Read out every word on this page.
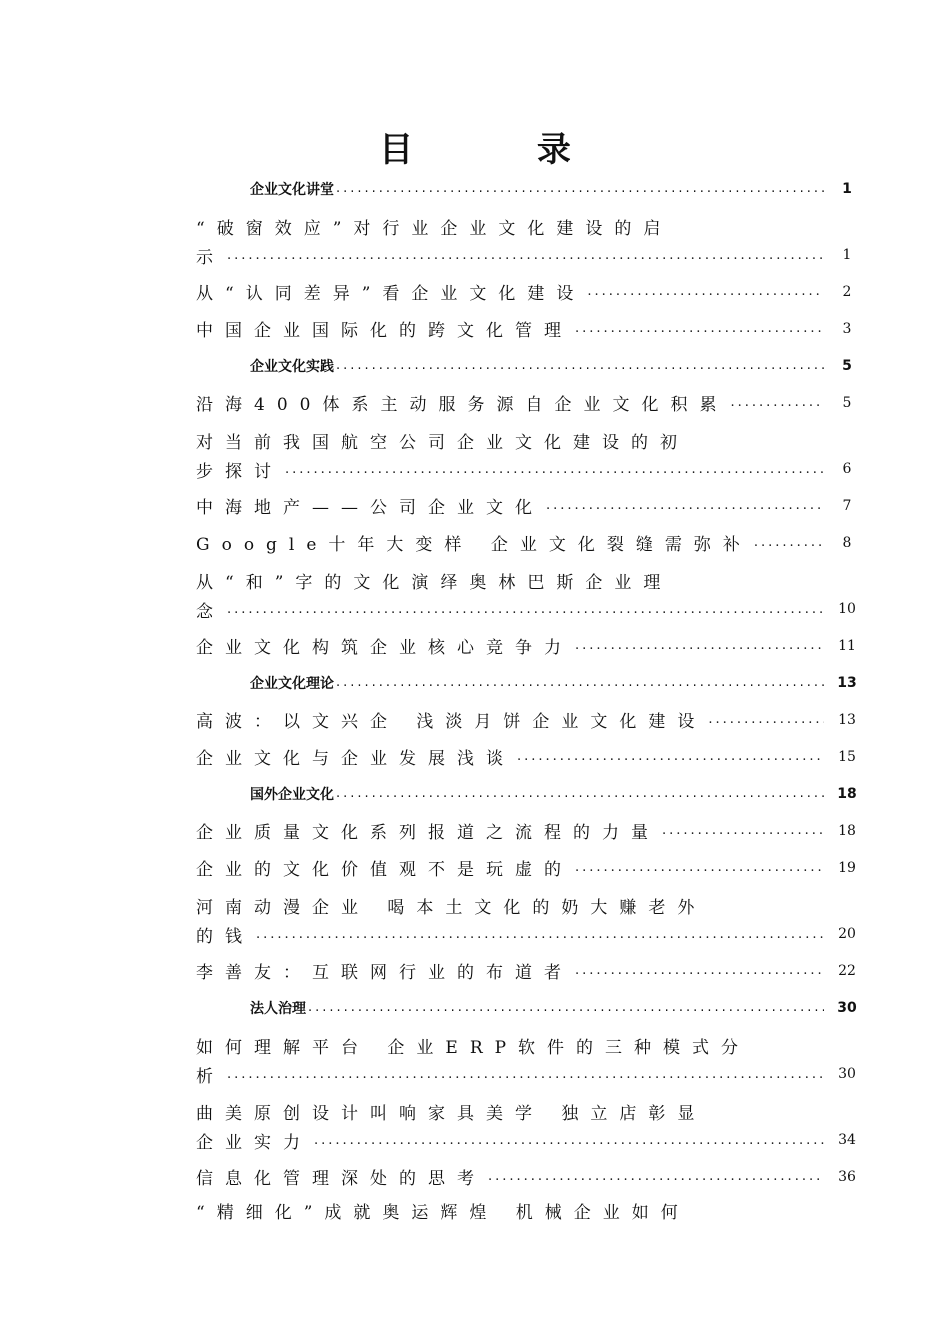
目 录
企业文化讲堂 .....	1
“破窗效应”对行业企业文化建设的启
示 .....	1
从“认同差异”看企业文化建设 .....	2
中国企业国际化的跨文化管理 .....	3
企业文化实践 .....	5
沿海400体系主动服务源自企业文化积累 .....	5
对当前我国航空公司企业文化建设的初
步探讨 .....	6
中海地产——公司企业文化 .....	7
Google十年大变样 企业文化裂缝需弥补 .....	8
从“和”字的文化演绎奥林巴斯企业理
念 .....	10
企业文化构筑企业核心竞争力 .....	11
企业文化理论 .....	13
高波：以文兴企 浅淡月饼企业文化建设 .....	13
企业文化与企业发展浅谈 .....	15
国外企业文化 .....	18
企业质量文化系列报道之流程的力量 .....	18
企业的文化价值观不是玩虚的 .....	19
河南动漫企业 喝本土文化的奶大赚老外
的钱 .....	20
李善友：互联网行业的布道者 .....	22
法人治理 .....	30
如何理解平台 企业ERP软件的三种模式分
析 .....	30
曲美原创设计叫响家具美学 独立店彰显
企业实力 .....	34
信息化管理深处的思考 .....	36
“精细化”成就奥运辉煌 机械企业如何
